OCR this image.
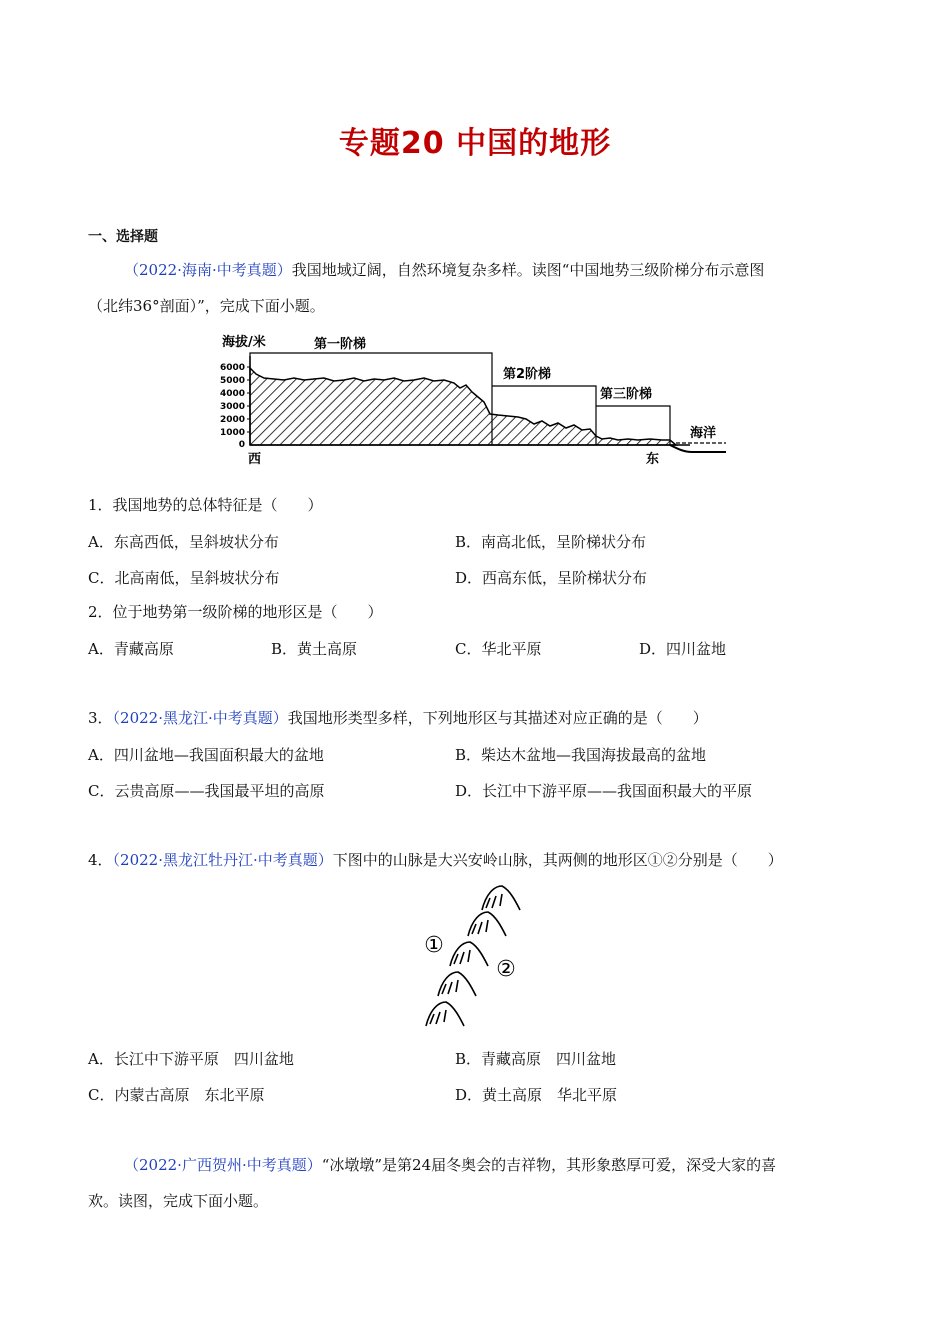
专题20 中国的地形
一、选择题
（2022·海南·中考真题）我国地域辽阔，自然环境复杂多样。读图“中国地势三级阶梯分布示意图
（北纬36°剖面）”，完成下面小题。
海拔/米
6000
5000
4000
3000
2000
1000
0
第一阶梯
第2阶梯
第三阶梯
海洋
西	东
1．我国地势的总体特征是（　　）
A．东高西低，呈斜坡状分布	B．南高北低，呈阶梯状分布
C．北高南低，呈斜坡状分布	D．西高东低，呈阶梯状分布
2．位于地势第一级阶梯的地形区是（　　）
A．青藏高原	B．黄土高原	C．华北平原	D．四川盆地
3．（2022·黑龙江·中考真题）我国地形类型多样，下列地形区与其描述对应正确的是（　　）
A．四川盆地—我国面积最大的盆地	B．柴达木盆地—我国海拔最高的盆地
C．云贵高原——我国最平坦的高原	D．长江中下游平原——我国面积最大的平原
4．（2022·黑龙江牡丹江·中考真题）下图中的山脉是大兴安岭山脉，其两侧的地形区①②分别是（　　）
①
②
A．长江中下游平原　四川盆地	B．青藏高原　四川盆地
C．内蒙古高原　东北平原	D．黄土高原　华北平原
（2022·广西贺州·中考真题）“冰墩墩”是第24届冬奥会的吉祥物，其形象憨厚可爱，深受大家的喜
欢。读图，完成下面小题。
